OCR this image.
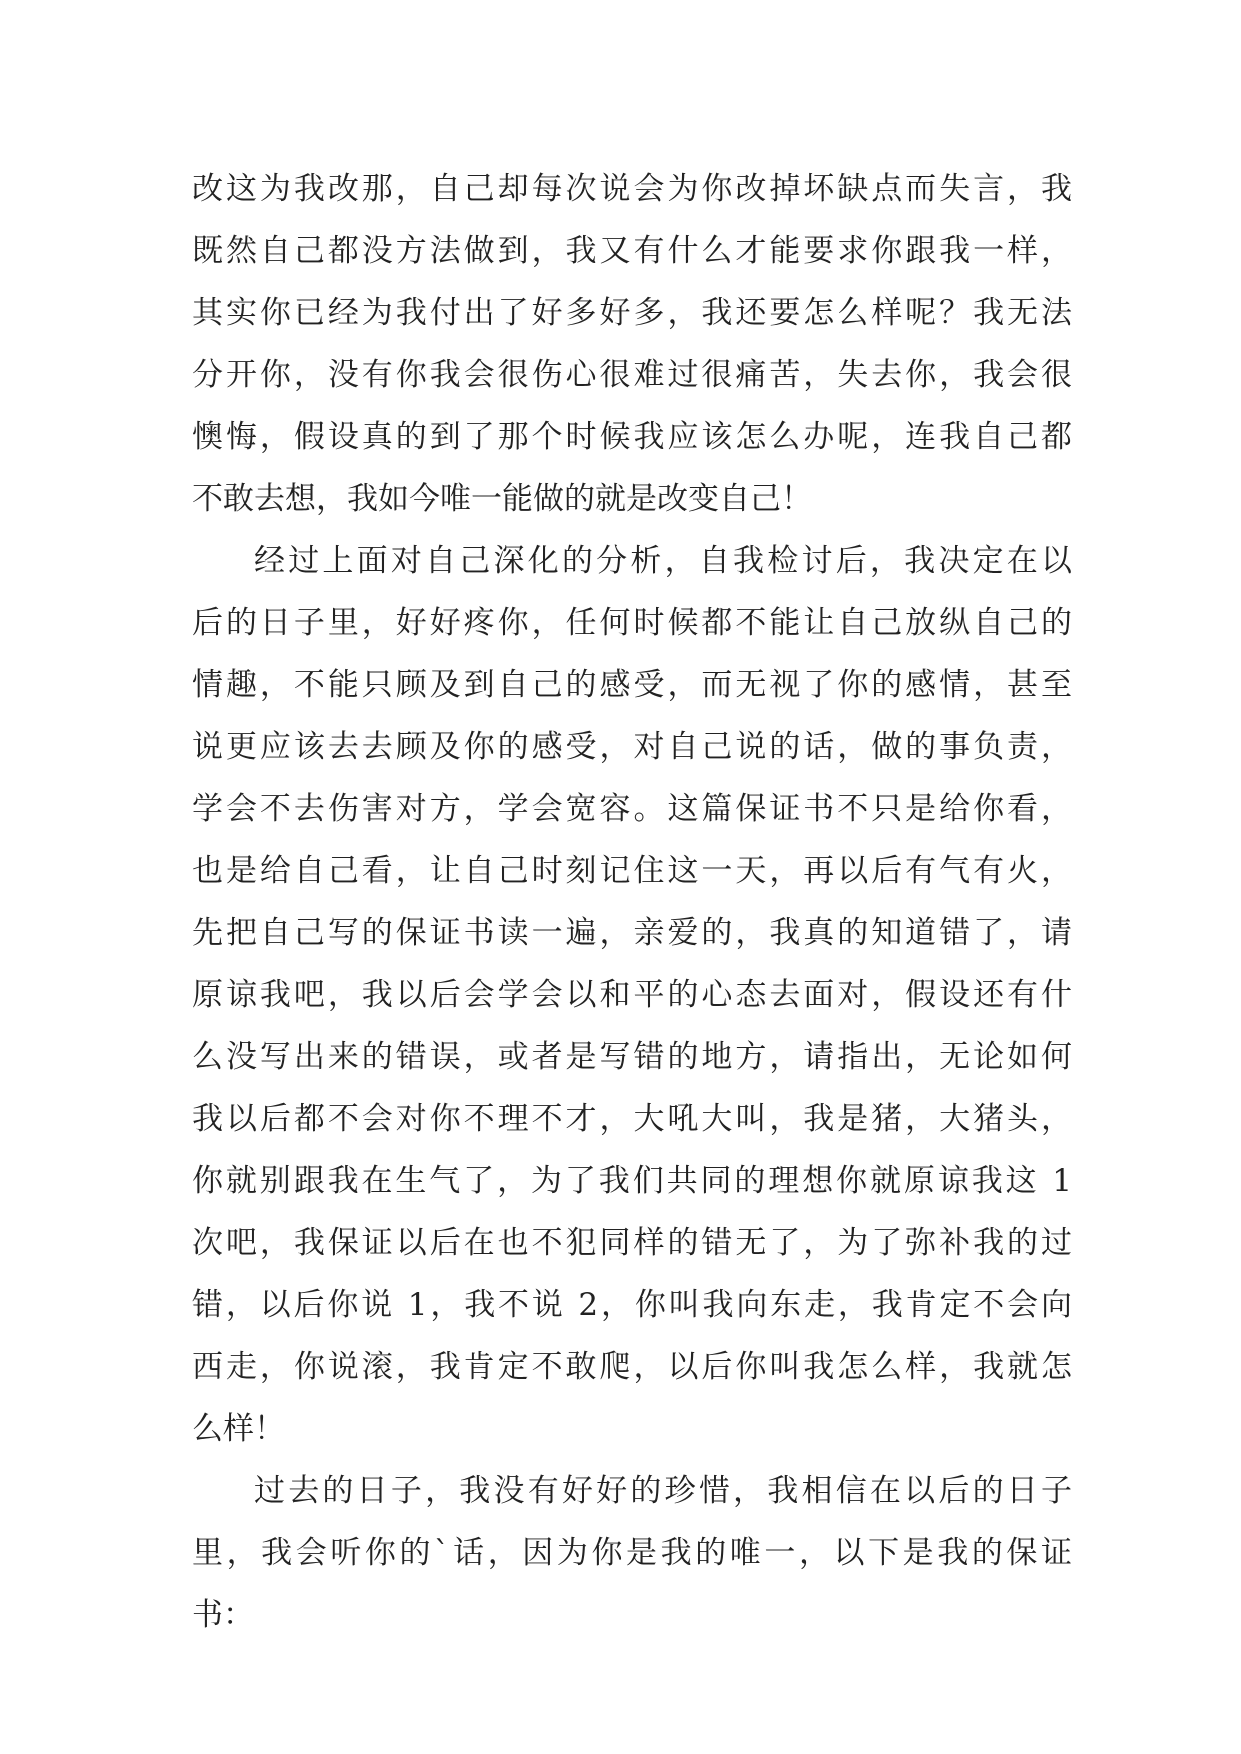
改这为我改那，自己却每次说会为你改掉坏缺点而失言，我
既然自己都没方法做到，我又有什么才能要求你跟我一样，
其实你已经为我付出了好多好多，我还要怎么样呢？我无法
分开你，没有你我会很伤心很难过很痛苦，失去你，我会很
懊悔，假设真的到了那个时候我应该怎么办呢，连我自己都
不敢去想，我如今唯一能做的就是改变自己！
经过上面对自己深化的分析，自我检讨后，我决定在以
后的日子里，好好疼你，任何时候都不能让自己放纵自己的
情趣，不能只顾及到自己的感受，而无视了你的感情，甚至
说更应该去去顾及你的感受，对自己说的话，做的事负责，
学会不去伤害对方，学会宽容。这篇保证书不只是给你看，
也是给自己看，让自己时刻记住这一天，再以后有气有火，
先把自己写的保证书读一遍，亲爱的，我真的知道错了，请
原谅我吧，我以后会学会以和平的心态去面对，假设还有什
么没写出来的错误，或者是写错的地方，请指出，无论如何
我以后都不会对你不理不才，大吼大叫，我是猪，大猪头，
你就别跟我在生气了，为了我们共同的理想你就原谅我这 1
次吧，我保证以后在也不犯同样的错无了，为了弥补我的过
错，以后你说 1，我不说 2，你叫我向东走，我肯定不会向
西走，你说滚，我肯定不敢爬，以后你叫我怎么样，我就怎
么样！
过去的日子，我没有好好的珍惜，我相信在以后的日子
里，我会听你的`话，因为你是我的唯一，以下是我的保证
书：
